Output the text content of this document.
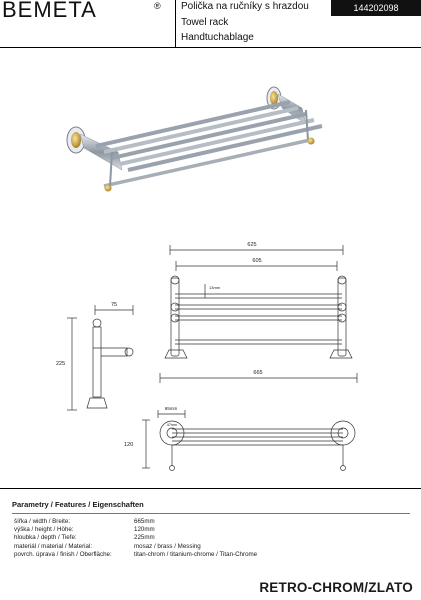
BEMETA	® Polička na ručníky s hrazdou
Towel rack
Handtuchablage
144202098
625
605
13mm
665
75
225
65mm
47mm
120
Parametry / Features / Eigenschaften
šířka / width / Breite:	665mm
výška / height / Höhe:	120mm
hloubka / depth / Tiefe:	225mm
materiál / material / Material:	mosaz / brass / Messing
povrch. úprava / finish / Oberfläche:	titan-chrom / titanium-chrome / Titan-Chrome
RETRO-CHROM/ZLATO
